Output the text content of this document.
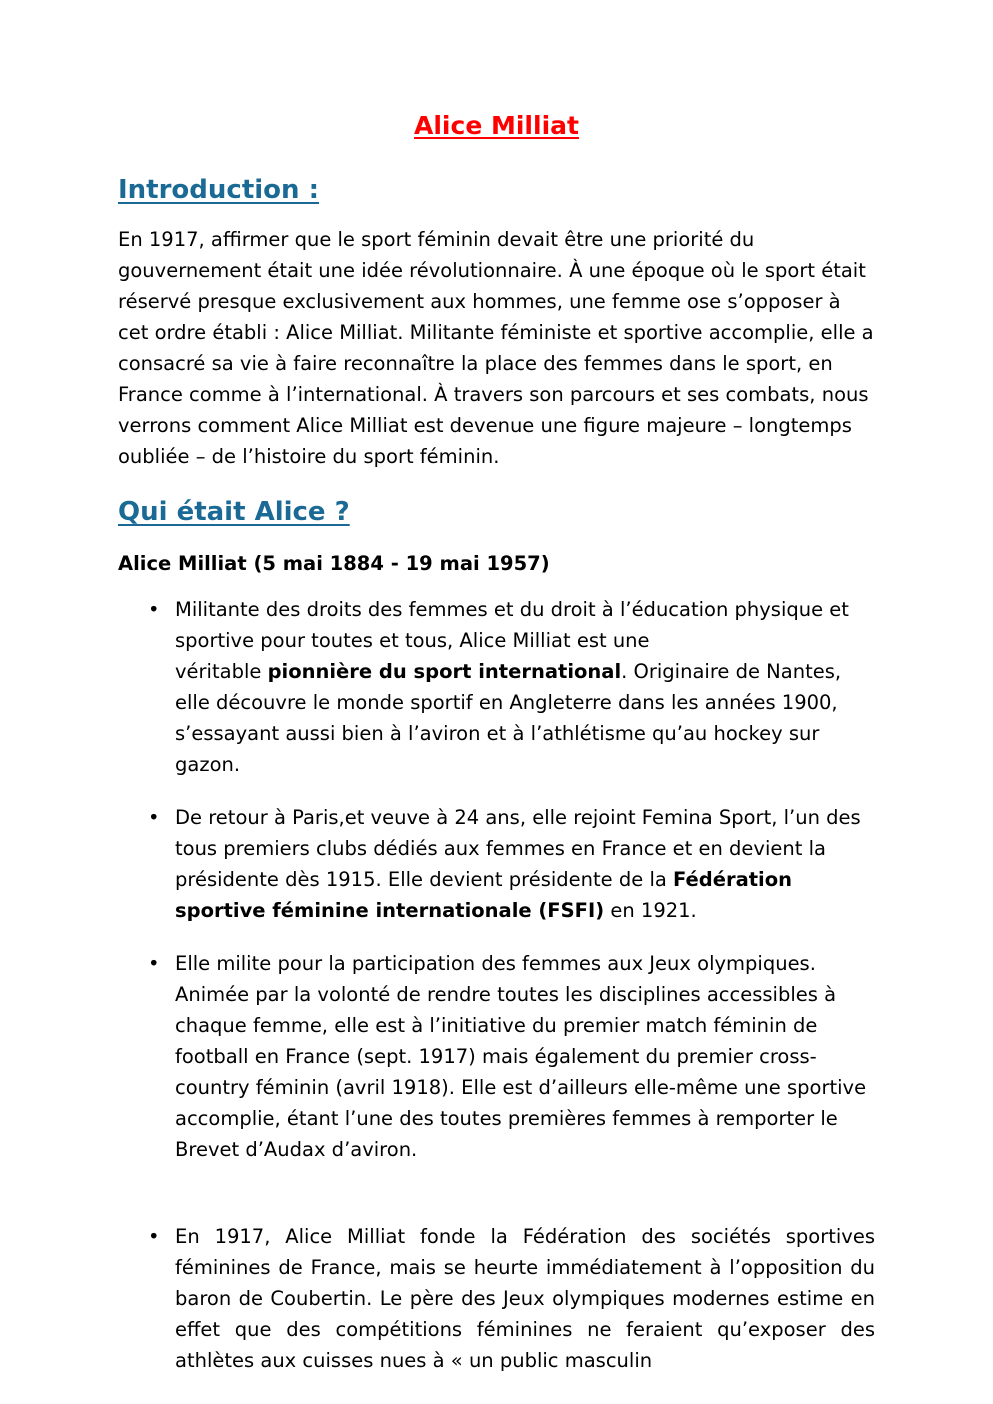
Alice Milliat
Introduction :

En 1917, affirmer que le sport féminin devait être une priorité du gouvernement était une idée révolutionnaire. À une époque où le sport était réservé presque exclusivement aux hommes, une femme ose s’opposer à cet ordre établi : Alice Milliat. Militante féministe et sportive accomplie, elle a consacré sa vie à faire reconnaître la place des femmes dans le sport, en France comme à l’international. À travers son parcours et ses combats, nous verrons comment Alice Milliat est devenue une figure majeure – longtemps oubliée – de l’histoire du sport féminin.

Qui était Alice ?

Alice Milliat (5 mai 1884 - 19 mai 1957)

• Militante des droits des femmes et du droit à l’éducation physique et sportive pour toutes et tous, Alice Milliat est une
véritable pionnière du sport international. Originaire de Nantes, elle découvre le monde sportif en Angleterre dans les années 1900, s’essayant aussi bien à l’aviron et à l’athlétisme qu’au hockey sur gazon.
• De retour à Paris,et veuve à 24 ans, elle rejoint Femina Sport, l’un des tous premiers clubs dédiés aux femmes en France et en devient la présidente dès 1915. Elle devient présidente de la Fédération sportive féminine internationale (FSFI) en 1921.
• Elle milite pour la participation des femmes aux Jeux olympiques. Animée par la volonté de rendre toutes les disciplines accessibles à chaque femme, elle est à l’initiative du premier match féminin de football en France (sept. 1917) mais également du premier cross-country féminin (avril 1918). Elle est d’ailleurs elle-même une sportive accomplie, étant l’une des toutes premières femmes à remporter le Brevet d’Audax d’aviron.
• En 1917, Alice Milliat fonde la Fédération des sociétés sportives féminines de France, mais se heurte immédiatement à l’opposition du baron de Coubertin. Le père des Jeux olympiques modernes estime en effet que des compétitions féminines ne feraient qu’exposer des athlètes aux cuisses nues à « un public masculin
